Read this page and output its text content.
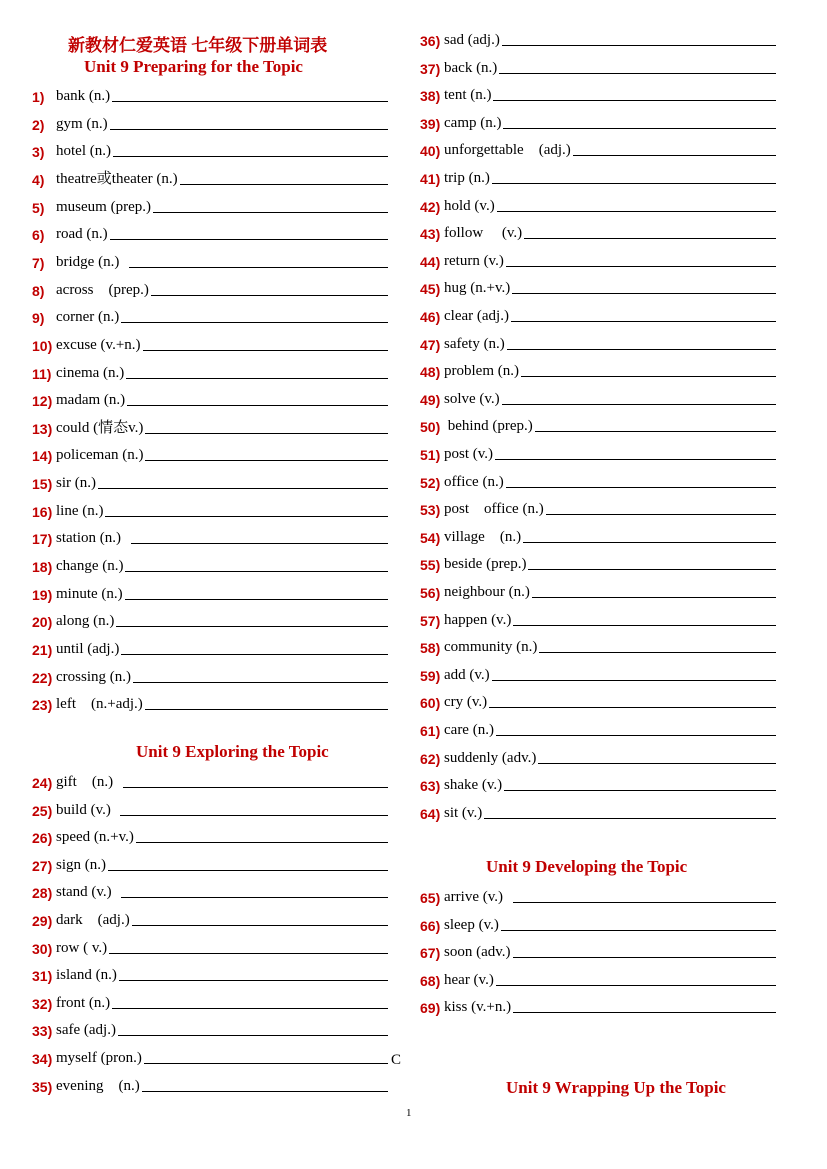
新教材仁爱英语 七年级下册单词表
Unit 9 Preparing for the Topic
Unit 9 Exploring the Topic
1) bank (n.)
2) gym (n.)
3) hotel (n.)
4) theatre或theater (n.)
5) museum (prep.)
6) road (n.)
7) bridge (n.)
8) across    (prep.)
9) corner (n.)
10) excuse (v.+n.)
11) cinema (n.)
12) madam (n.)
13) could (情态v.)
14) policeman (n.)
15) sir (n.)
16) line (n.)
17) station (n.)
18) change (n.)
19) minute (n.)
20) along (n.)
21) until (adj.)
22) crossing (n.)
23) left    (n.+adj.)
24) gift    (n.)
25) build (v.)
26) speed (n.+v.)
27) sign (n.)
28) stand (v.)
29) dark    (adj.)
30) row ( v.)
31) island (n.)
32) front (n.)
33) safe (adj.)
34) myself (pron.)
35) evening    (n.)
Unit 9 Developing the Topic
Unit 9 Wrapping Up the Topic
36) sad (adj.)
37) back (n.)
38) tent (n.)
39) camp (n.)
40) unforgettable    (adj.)
41) trip (n.)
42) hold (v.)
43) follow     (v.)
44) return (v.)
45) hug (n.+v.)
46) clear (adj.)
47) safety (n.)
48) problem (n.)
49) solve (v.)
50) behind (prep.)
51) post (v.)
52) office (n.)
53) post    office (n.)
54) village    (n.)
55) beside (prep.)
56) neighbour (n.)
57) happen (v.)
58) community (n.)
59) add (v.)
60) cry (v.)
61) care (n.)
62) suddenly (adv.)
63) shake (v.)
64) sit (v.)
65) arrive (v.)
66) sleep (v.)
67) soon (adv.)
68) hear (v.)
69) kiss (v.+n.)
C
1
